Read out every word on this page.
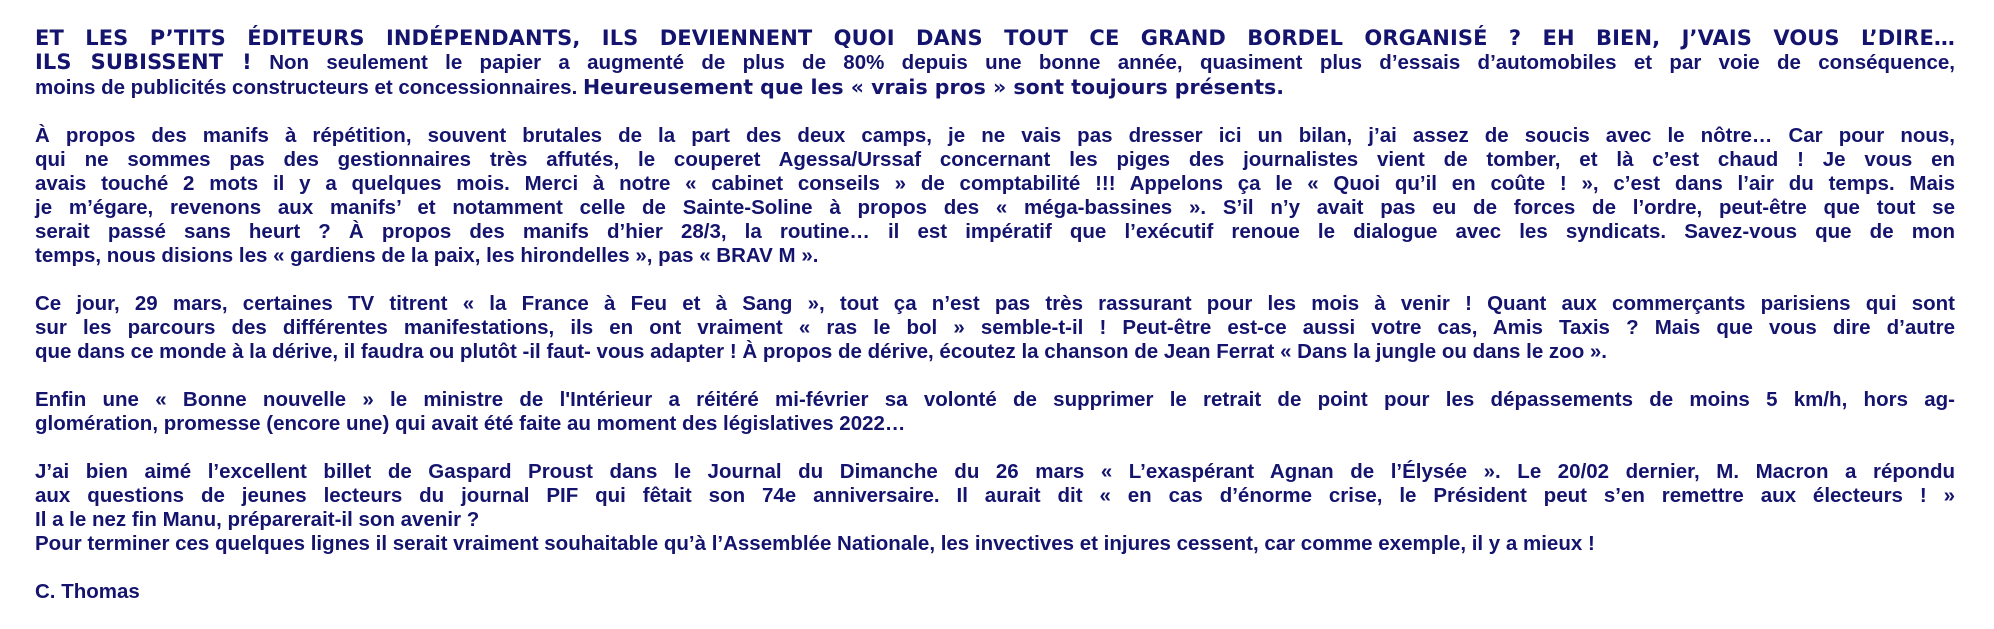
ET LES P’TITS ÉDITEURS INDÉPENDANTS, ILS DEVIENNENT QUOI DANS TOUT CE GRAND BORDEL ORGANISÉ ? EH BIEN, J’VAIS VOUS L’DIRE…
ILS SUBISSENT ! Non seulement le papier a augmenté de plus de 80% depuis une bonne année, quasiment plus d’essais d’automobiles et par voie de conséquence,
moins de publicités constructeurs et concessionnaires. Heureusement que les « vrais pros » sont toujours présents.

À propos des manifs à répétition, souvent brutales de la part des deux camps, je ne vais pas dresser ici un bilan, j’ai assez de soucis avec le nôtre… Car pour nous,
qui ne sommes pas des gestionnaires très affutés, le couperet Agessa/Urssaf concernant les piges des journalistes vient de tomber, et là c’est chaud ! Je vous en
avais touché 2 mots il y a quelques mois. Merci à notre « cabinet conseils » de comptabilité !!! Appelons ça le « Quoi qu’il en coûte ! », c’est dans l’air du temps. Mais
je m’égare, revenons aux manifs’ et notamment celle de Sainte-Soline à propos des « méga-bassines ». S’il n’y avait pas eu de forces de l’ordre, peut-être que tout se
serait passé sans heurt ? À propos des manifs d’hier 28/3, la routine… il est impératif que l’exécutif renoue le dialogue avec les syndicats. Savez-vous que de mon
temps, nous disions les « gardiens de la paix, les hirondelles », pas « BRAV M ».

Ce jour, 29 mars, certaines TV titrent « la France à Feu et à Sang », tout ça n’est pas très rassurant pour les mois à venir ! Quant aux commerçants parisiens qui sont
sur les parcours des différentes manifestations, ils en ont vraiment « ras le bol » semble-t-il ! Peut-être est-ce aussi votre cas, Amis Taxis ? Mais que vous dire d’autre
que dans ce monde à la dérive, il faudra ou plutôt -il faut- vous adapter ! À propos de dérive, écoutez la chanson de Jean Ferrat « Dans la jungle ou dans le zoo ».

Enfin une « Bonne nouvelle » le ministre de l'Intérieur a réitéré mi-février sa volonté de supprimer le retrait de point pour les dépassements de moins 5 km/h, hors ag-
glomération, promesse (encore une) qui avait été faite au moment des législatives 2022…

J’ai bien aimé l’excellent billet de Gaspard Proust dans le Journal du Dimanche du 26 mars « L’exaspérant Agnan de l’Élysée ». Le 20/02 dernier, M. Macron a répondu
aux questions de jeunes lecteurs du journal PIF qui fêtait son 74e anniversaire. Il aurait dit « en cas d’énorme crise, le Président peut s’en remettre aux électeurs ! »
Il a le nez fin Manu, préparerait-il son avenir ?
Pour terminer ces quelques lignes il serait vraiment souhaitable qu’à l’Assemblée Nationale, les invectives et injures cessent, car comme exemple, il y a mieux !

C. Thomas
